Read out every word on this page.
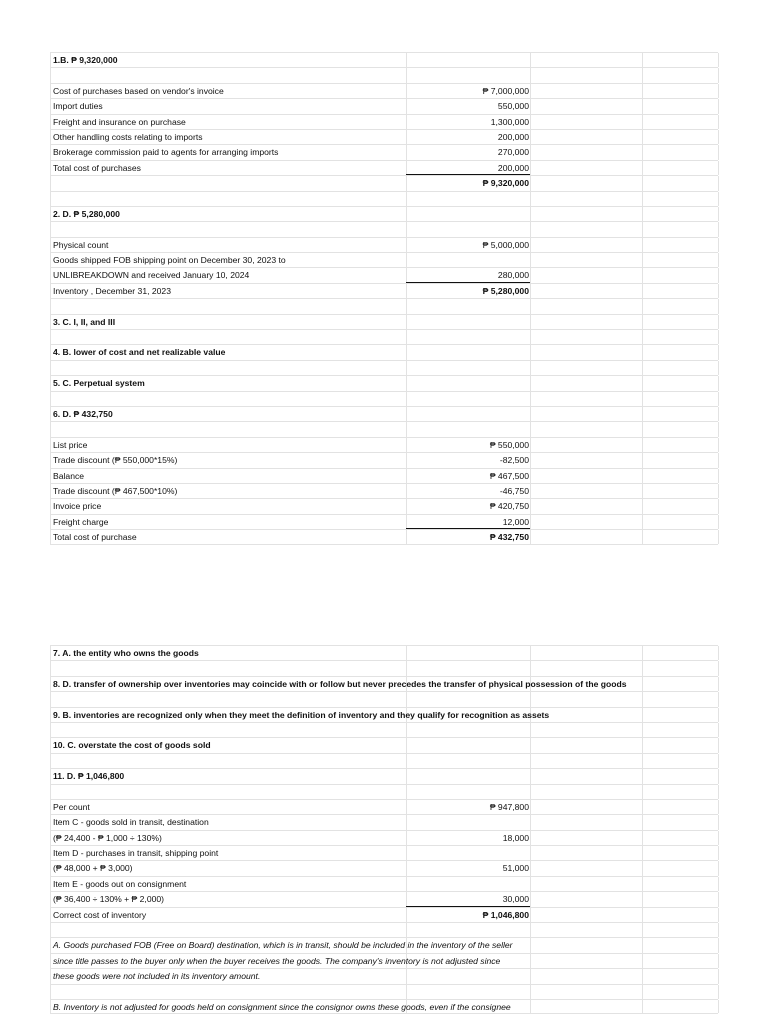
1.B. ₱ 9,320,000
Cost of purchases based on vendor's invoice	₱ 7,000,000
Import duties	550,000
Freight and insurance on purchase	1,300,000
Other handling costs relating to imports	200,000
Brokerage commission paid to agents for arranging imports	270,000
Total cost of purchases	200,000
₱ 9,320,000
2. D. ₱ 5,280,000
Physical count	₱ 5,000,000
Goods shipped FOB shipping point on December 30, 2023 to
UNLIBREAKDOWN and received January 10, 2024	280,000
Inventory , December 31, 2023	₱ 5,280,000
3. C. I, II, and III
4. B. lower of cost and net realizable value
5. C. Perpetual system
6. D. ₱ 432,750
List price	₱ 550,000
Trade discount (₱ 550,000*15%)	-82,500
Balance	₱ 467,500
Trade discount (₱ 467,500*10%)	-46,750
Invoice price	₱ 420,750
Freight charge	12,000
Total cost of purchase	₱ 432,750
7. A. the entity who owns the goods
8. D. transfer of ownership over inventories may coincide with or follow but never precedes the transfer of physical possession of the goods
9. B. inventories are recognized only when they meet the definition of inventory and they qualify for recognition as assets
10. C. overstate the cost of goods sold
11. D. ₱ 1,046,800
Per count	₱ 947,800
Item C - goods sold in transit, destination
(₱ 24,400 - ₱ 1,000 ÷ 130%)	18,000
Item D - purchases in transit, shipping point
(₱ 48,000 + ₱ 3,000)	51,000
Item E - goods out on consignment
(₱ 36,400 ÷ 130% + ₱ 2,000)	30,000
Correct cost of inventory	₱ 1,046,800
A. Goods purchased FOB (Free on Board) destination, which is in transit, should be included in the inventory of the seller
since title passes to the buyer only when the buyer receives the goods. The company's inventory is not adjusted since
these goods were not included in its inventory amount.
B. Inventory is not adjusted for goods held on consignment since the consignor owns these goods, even if the consignee
